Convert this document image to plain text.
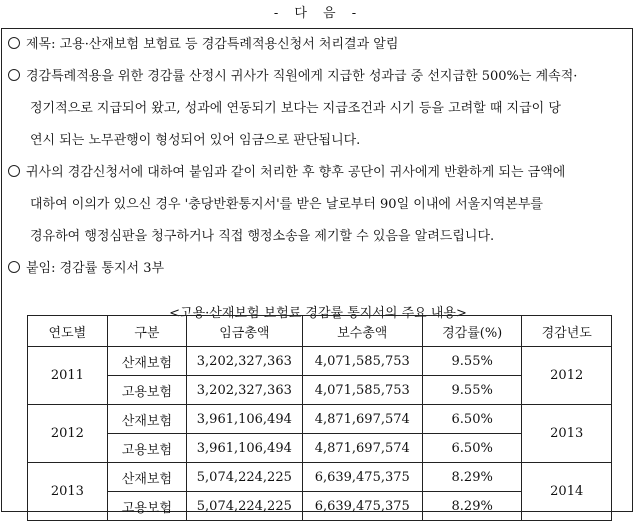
- 다 음 -
제목: 고용·산재보험 보험료 등 경감특례적용신청서 처리결과 알림
경감특례적용을 위한 경감률 산정시 귀사가 직원에게 지급한 성과급 중 선지급한 500%는 계속적·
정기적으로 지급되어 왔고, 성과에 연동되기 보다는 지급조건과 시기 등을 고려할 때 지급이 당
연시 되는 노무관행이 형성되어 있어 임금으로 판단됩니다.
귀사의 경감신청서에 대하여 붙임과 같이 처리한 후 향후 공단이 귀사에게 반환하게 되는 금액에
대하여 이의가 있으신 경우 '충당반환통지서'를 받은 날로부터 90일 이내에 서울지역본부를
경유하여 행정심판을 청구하거나 직접 행정소송을 제기할 수 있음을 알려드립니다.
붙임: 경감률 통지서 3부
<고용·산재보험 보험료 경감률 통지서의 주요 내용>
연도별	구분	임금총액	보수총액	경감률(%)	경감년도
2011	산재보험	3,202,327,363	4,071,585,753	9.55%	2012
	고용보험	3,202,327,363	4,071,585,753	9.55%	
2012	산재보험	3,961,106,494	4,871,697,574	6.50%	2013
	고용보험	3,961,106,494	4,871,697,574	6.50%	
2013	산재보험	5,074,224,225	6,639,475,375	8.29%	2014
	고용보험	5,074,224,225	6,639,475,375	8.29%	
